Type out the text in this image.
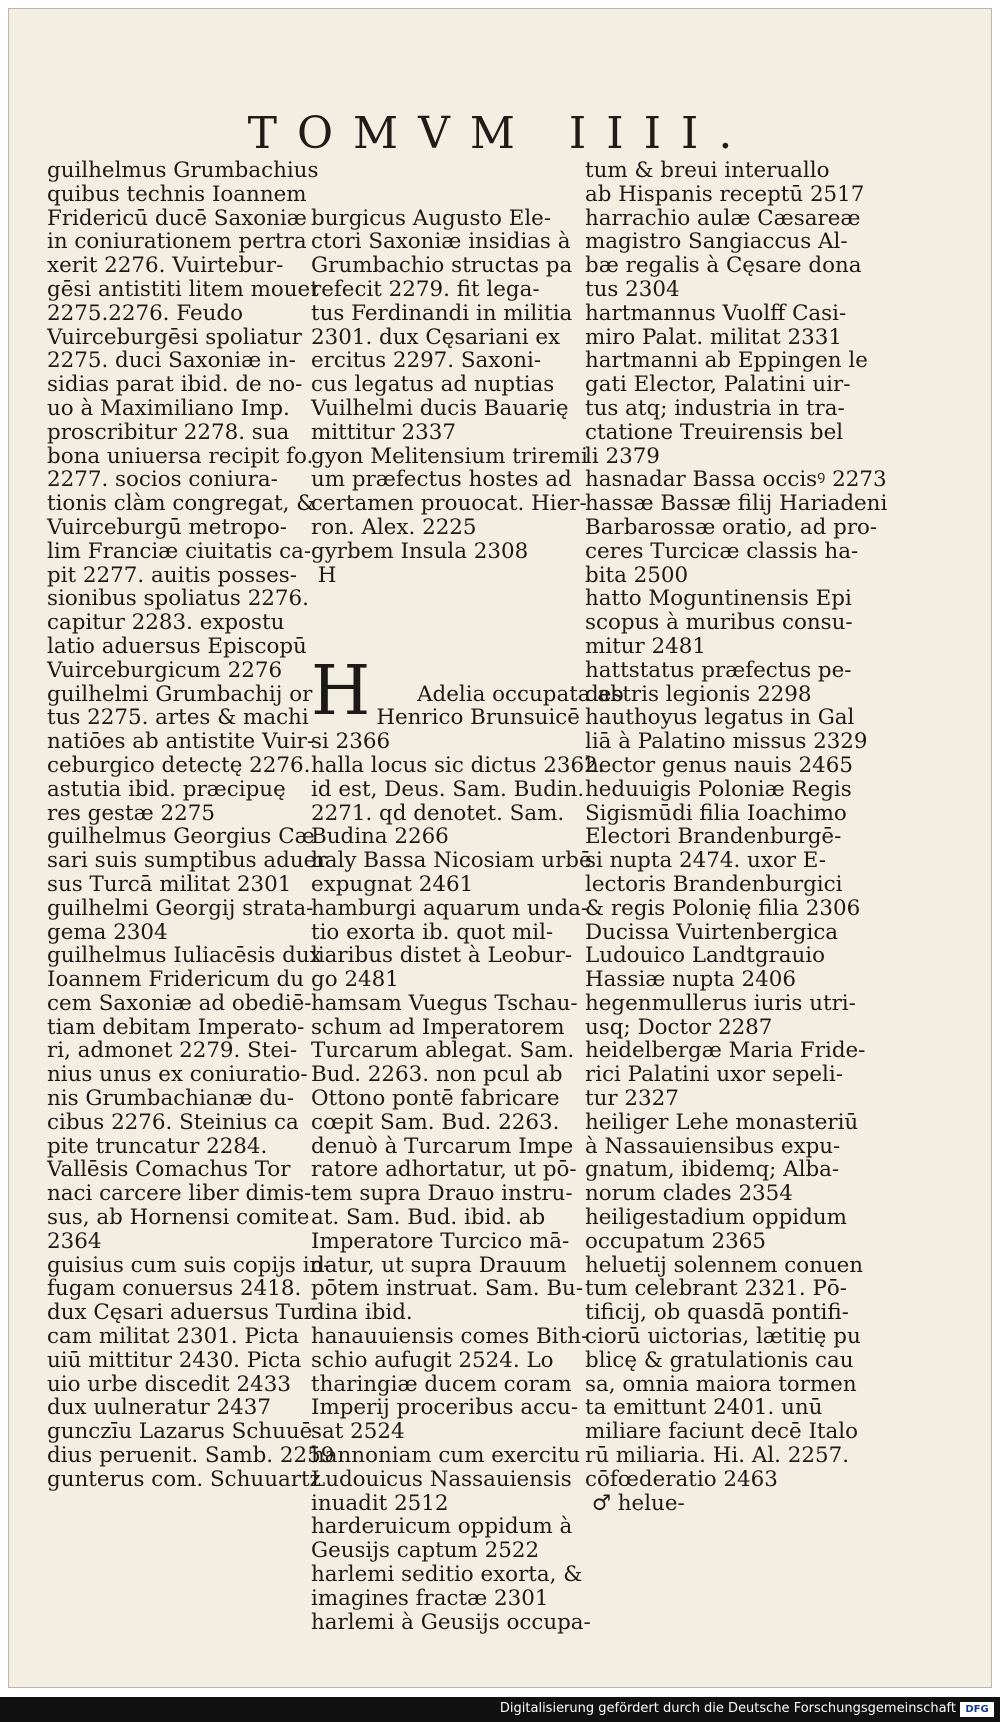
TOMVM IIII.
guilhelmus Grumbachius
quibus technis Ioannem
Fridericū ducē Saxoniæ
in coniurationem pertra
xerit 2276. Vuirtebur-
gēsi antistiti litem mouet
2275.2276. Feudo
Vuirceburgēsi spoliatur
2275. duci Saxoniæ in-
sidias parat ibid. de no-
uo à Maximiliano Imp.
proscribitur 2278. sua
bona uniuersa recipit fo.
2277. socios coniura-
tionis clàm congregat, &
Vuirceburgū metropo-
lim Franciæ ciuitatis ca-
pit 2277. auitis posses-
sionibus spoliatus 2276.
capitur 2283. expostu
latio aduersus Episcopū
Vuirceburgicum 2276
guilhelmi Grumbachij or
tus 2275. artes & machi
natiōes ab antistite Vuir-
ceburgico detectę 2276.
astutia ibid. præcipuę
res gestæ 2275
guilhelmus Georgius Cæ
sari suis sumptibus aduer
sus Turcā militat 2301
guilhelmi Georgij strata-
gema 2304
guilhelmus Iuliacēsis dux
Ioannem Fridericum du
cem Saxoniæ ad obediē-
tiam debitam Imperato-
ri, admonet 2279. Stei-
nius unus ex coniuratio-
nis Grumbachianæ du-
cibus 2276. Steinius ca
pite truncatur 2284.
Vallēsis Comachus Tor
naci carcere liber dimis-
sus, ab Hornensi comite
2364
guisius cum suis copijs in-
fugam conuersus 2418.
dux Cęsari aduersus Tur
cam militat 2301. Picta
uiū mittitur 2430. Picta
uio urbe discedit 2433
dux uulneratur 2437
gunczīu Lazarus Schuuē
dius peruenit. Samb. 2259
gunterus com. Schuuartz

burgicus Augusto Ele-
ctori Saxoniæ insidias à
Grumbachio structas pa
refecit 2279. fit lega-
tus Ferdinandi in militia
2301. dux Cęsariani ex
ercitus 2297. Saxoni-
cus legatus ad nuptias
Vuilhelmi ducis Bauarię
mittitur 2337
gyon Melitensium triremi
um præfectus hostes ad
certamen prouocat. Hier-
ron. Alex. 2225
gyrbem Insula 2308
H

H Adelia occupata ab
Henrico Brunsuicē
si 2366
halla locus sic dictus 2362.
id est, Deus. Sam. Budin.
2271. qd denotet. Sam.
Budina 2266
haly Bassa Nicosiam urbē
expugnat 2461
hamburgi aquarum unda-
tio exorta ib. quot mil-
liaribus distet à Leobur-
go 2481
hamsam Vuegus Tschau-
schum ad Imperatorem
Turcarum ablegat. Sam.
Bud. 2263. non pcul ab
Ottono pontē fabricare
cœpit Sam. Bud. 2263.
denuò à Turcarum Impe
ratore adhortatur, ut pō-
tem supra Drauo instru-
at. Sam. Bud. ibid. ab
Imperatore Turcico mā-
datur, ut supra Drauum
pōtem instruat. Sam. Bu-
dina ibid.
hanauuiensis comes Bith-
schio aufugit 2524. Lo
tharingiæ ducem coram
Imperij proceribus accu-
sat 2524
hannoniam cum exercitu
Ludouicus Nassauiensis
inuadit 2512
harderuicum oppidum à
Geusijs captum 2522
harlemi seditio exorta, &
imagines fractæ 2301
harlemi à Geusijs occupa-

tum & breui interuallo
ab Hispanis receptū 2517
harrachio aulæ Cæsareæ
magistro Sangiaccus Al-
bæ regalis à Cęsare dona
tus 2304
hartmannus Vuolff Casi-
miro Palat. militat 2331
hartmanni ab Eppingen le
gati Elector, Palatini uir-
tus atq; industria in tra-
ctatione Treuirensis bel
li 2379
hasnadar Bassa occisꝰ 2273
hassæ Bassæ filij Hariadeni
Barbarossæ oratio, ad pro-
ceres Turcicæ classis ha-
bita 2500
hatto Moguntinensis Epi
scopus à muribus consu-
mitur 2481
hattstatus præfectus pe-
destris legionis 2298
hauthoyus legatus in Gal
liā à Palatino missus 2329
hector genus nauis 2465
heduuigis Poloniæ Regis
Sigismūdi filia Ioachimo
Electori Brandenburgē-
si nupta 2474. uxor E-
lectoris Brandenburgici
& regis Polonię filia 2306
Ducissa Vuirtenbergica
Ludouico Landtgrauio
Hassiæ nupta 2406
hegenmullerus iuris utri-
usq; Doctor 2287
heidelbergæ Maria Fride-
rici Palatini uxor sepeli-
tur 2327
heiliger Lehe monasteriū
à Nassauiensibus expu-
gnatum, ibidemq; Alba-
norum clades 2354
heiligestadium oppidum
occupatum 2365
heluetij solennem conuen
tum celebrant 2321. Pō-
tificij, ob quasdā pontifi-
ciorū uictorias, lætitię pu
blicę & gratulationis cau
sa, omnia maiora tormen
ta emittunt 2401. unū
miliare faciunt decē Italo
rū miliaria. Hi. Al. 2257.
cōfœderatio 2463
♂ helue-
Digitalisierung gefördert durch die Deutsche Forschungsgemeinschaft DFG
